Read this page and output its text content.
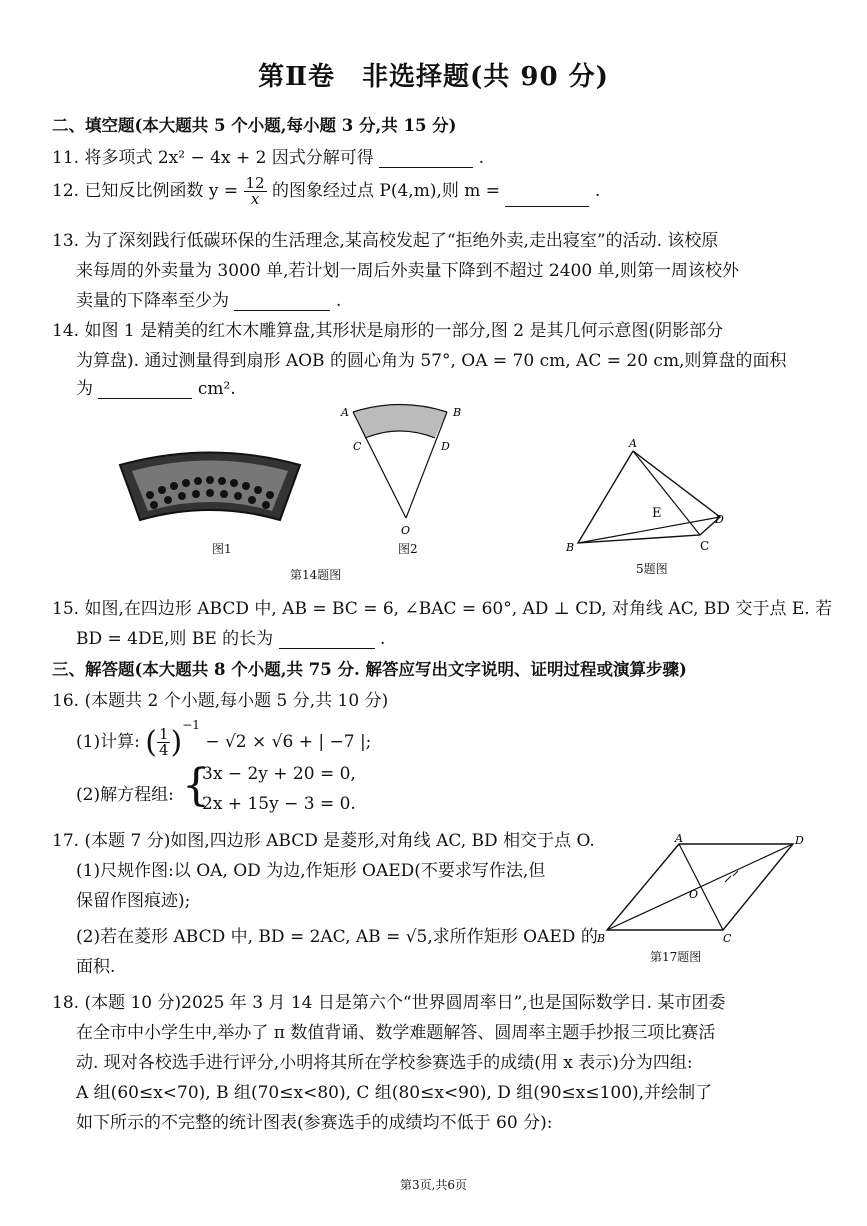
第Ⅱ卷　非选择题(共 90 分)
二、填空题(本大题共 5 个小题,每小题 3 分,共 15 分)
11. 将多项式 2x² − 4x + 2 因式分解可得	.
12. 已知反比例函数 $y = \frac{12}{x}$ 的图象经过点 P(4,m),则 m =	.
13. 为了深刻践行低碳环保的生活理念,某高校发起了“拒绝外卖,走出寝室”的活动. 该校原
来每周的外卖量为 3000 单,若计划一周后外卖量下降到不超过 2400 单,则第一周该校外
卖量的下降率至少为	.
14. 如图 1 是精美的红木木雕算盘,其形状是扇形的一部分,图 2 是其几何示意图(阴影部分
为算盘). 通过测量得到扇形 AOB 的圆心角为 57°, OA = 70 cm, AC = 20 cm,则算盘的面积
为	cm².
图1
A	B
C	D
O
图2
第14题图
A
B	C
D
E
5题图
15. 如图,在四边形 ABCD 中, AB = BC = 6, ∠BAC = 60°, AD ⊥ CD, 对角线 AC, BD 交于点 E. 若
BD = 4DE,则 BE 的长为	.
三、解答题(本大题共 8 个小题,共 75 分. 解答应写出文字说明、证明过程或演算步骤)
16. (本题共 2 个小题,每小题 5 分,共 10 分)
(1)计算: ( $\frac{1}{4} )^{-1} - √2 \times √6$ + | −7 |;
(2)解方程组: {
3x − 2y + 20 = 0,
2x + 15y − 3 = 0.
17. (本题 7 分)如图,四边形 ABCD 是菱形,对角线 AC, BD 相交于点 O.
(1)尺规作图:以 OA, OD 为边,作矩形 OAED(不要求写作法,但
保留作图痕迹);
(2)若在菱形 ABCD 中, BD = 2AC, AB = √5,求所作矩形 OAED 的
面积.
A	D
B	C
O
第17题图
18. (本题 10 分)2025 年 3 月 14 日是第六个“世界圆周率日”,也是国际数学日. 某市团委
在全市中小学生中,举办了 π 数值背诵、数学难题解答、圆周率主题手抄报三项比赛活
动. 现对各校选手进行评分,小明将其所在学校参赛选手的成绩(用 x 表示)分为四组:
A 组(60≤x<70), B 组(70≤x<80), C 组(80≤x<90), D 组(90≤x≤100),并绘制了
如下所示的不完整的统计图表(参赛选手的成绩均不低于 60 分):
第3页,共6页
